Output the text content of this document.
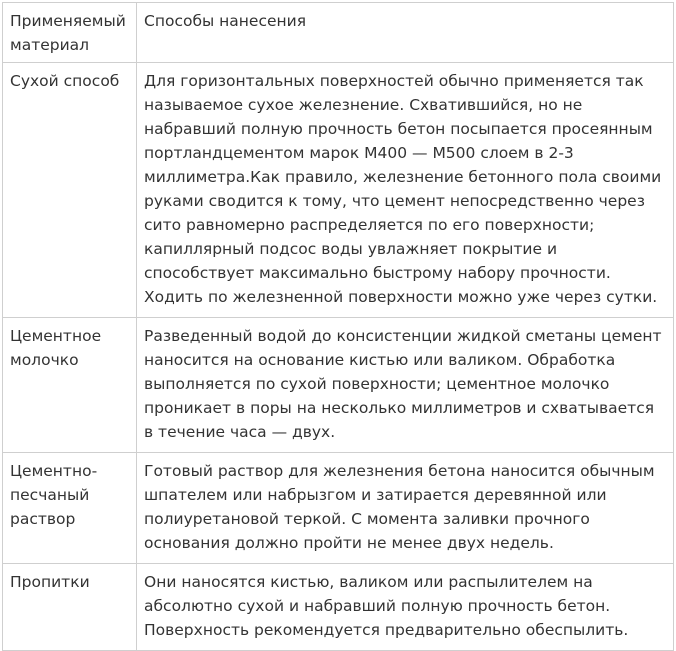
Применяемый материал	Способы нанесения
Сухой способ	Для горизонтальных поверхностей обычно применяется так называемое сухое железнение. Схватившийся, но не набравший полную прочность бетон посыпается просеянным портландцементом марок М400 — М500 слоем в 2-3 миллиметра.Как правило, железнение бетонного пола своими руками сводится к тому, что цемент непосредственно через сито равномерно распределяется по его поверхности; капиллярный подсос воды увлажняет покрытие и способствует максимально быстрому набору прочности. Ходить по железненной поверхности можно уже через сутки.
Цементное молочко	Разведенный водой до консистенции жидкой сметаны цемент наносится на основание кистью или валиком. Обработка выполняется по сухой поверхности; цементное молочко проникает в поры на несколько миллиметров и схватывается в течение часа — двух.
Цементно-песчаный раствор	Готовый раствор для железнения бетона наносится обычным шпателем или набрызгом и затирается деревянной или полиуретановой теркой. С момента заливки прочного основания должно пройти не менее двух недель.
Пропитки	Они наносятся кистью, валиком или распылителем на абсолютно сухой и набравший полную прочность бетон. Поверхность рекомендуется предварительно обеспылить.
